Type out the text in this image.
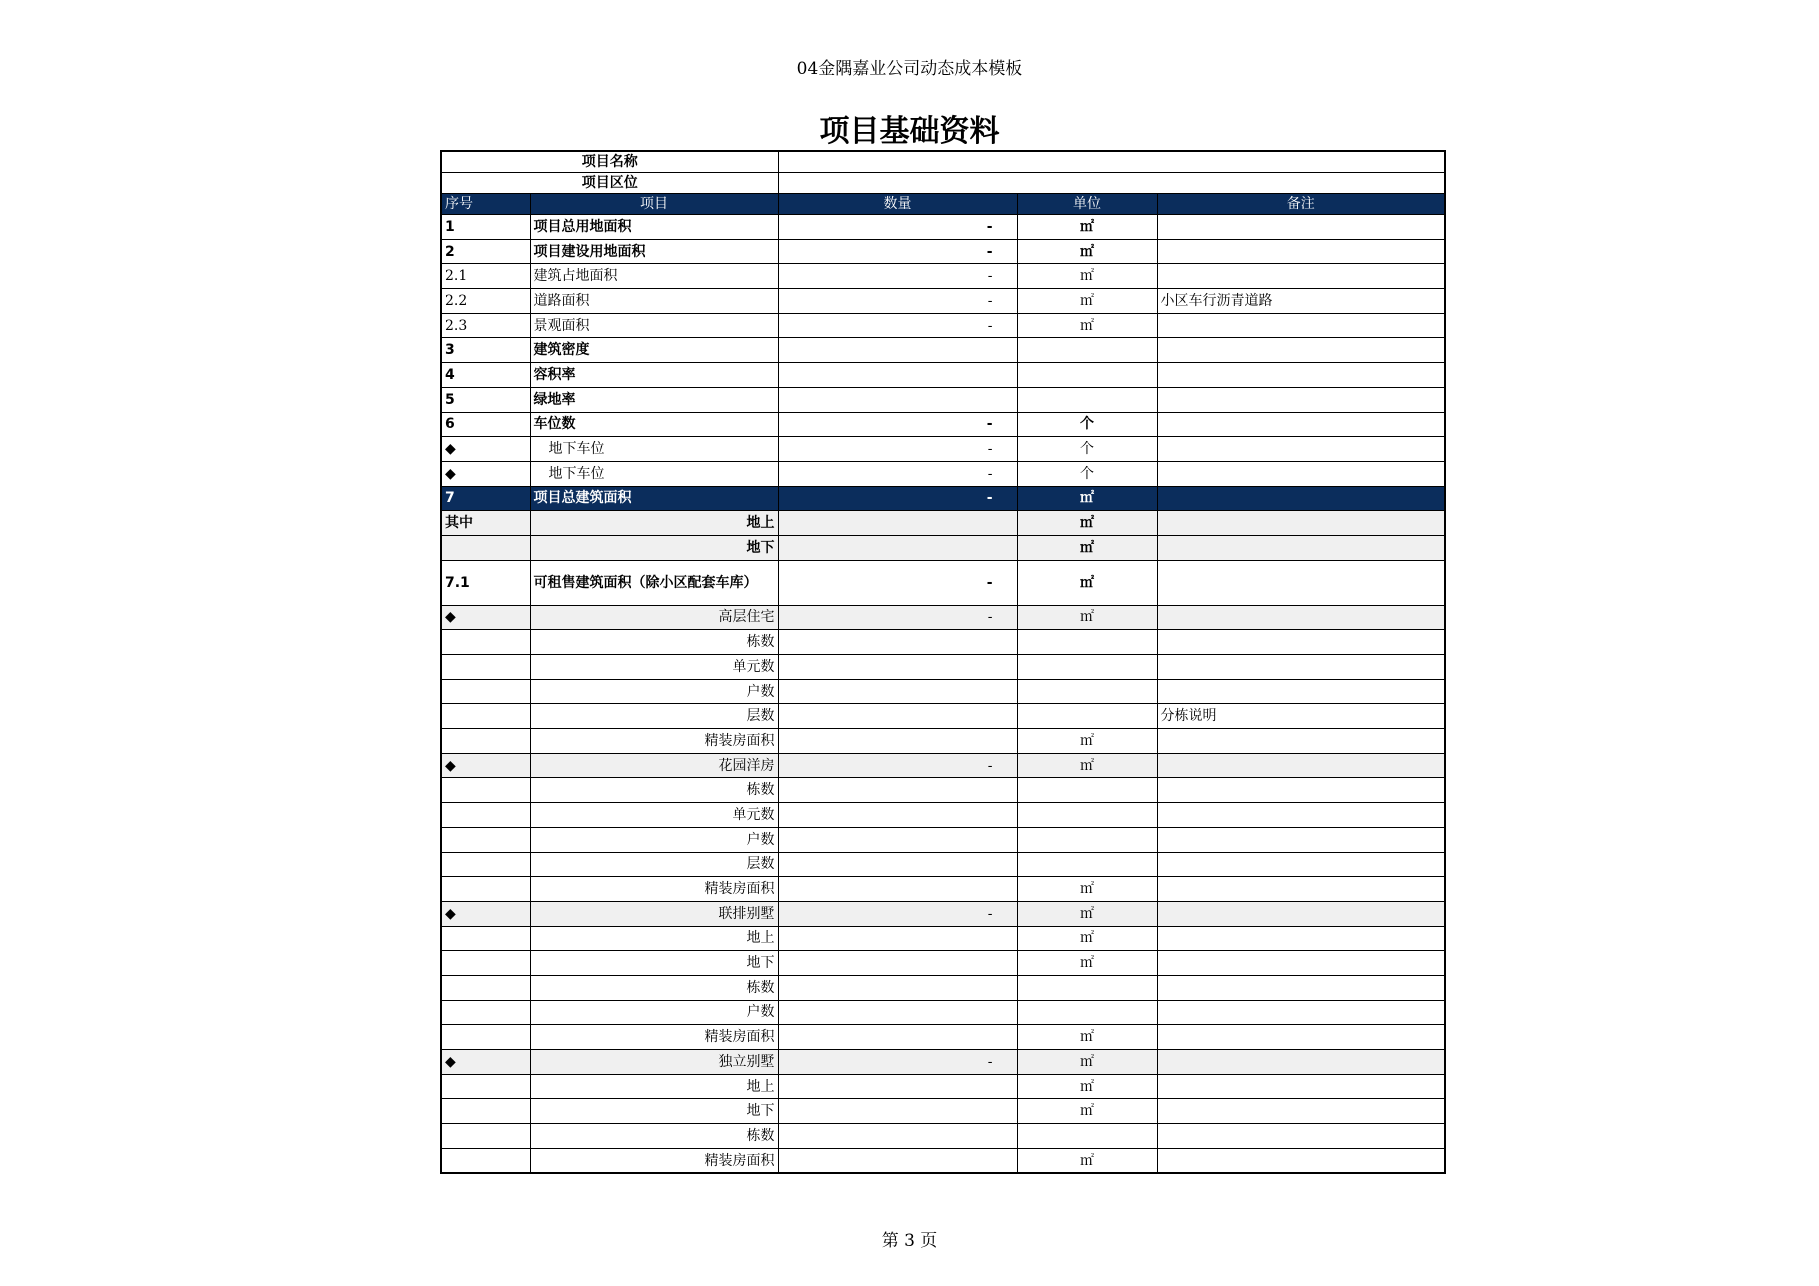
04金隅嘉业公司动态成本模板
项目基础资料
项目名称				
项目区位				
序号	项目	数量	单位	备注
1	项目总用地面积	-	㎡	
2	项目建设用地面积	-	㎡	
2.1	建筑占地面积	-	㎡	
2.2	道路面积	-	㎡	小区车行沥青道路
2.3	景观面积	-	㎡	
3	建筑密度			
4	容积率			
5	绿地率			
6	车位数	-	个	
◆	地下车位	-	个	
◆	地下车位	-	个	
7	项目总建筑面积	-	㎡	
其中	地上		㎡	
	地下		㎡	
7.1	可租售建筑面积（除小区配套车库）	-	㎡	
◆	高层住宅	-	㎡	
	栋数			
	单元数			
	户数			
	层数			分栋说明
	精装房面积		㎡	
◆	花园洋房	-	㎡	
	栋数			
	单元数			
	户数			
	层数			
	精装房面积		㎡	
◆	联排别墅	-	㎡	
	地上		㎡	
	地下		㎡	
	栋数			
	户数			
	精装房面积		㎡	
◆	独立别墅	-	㎡	
	地上		㎡	
	地下		㎡	
	栋数			
	精装房面积		㎡	
第 3 页
